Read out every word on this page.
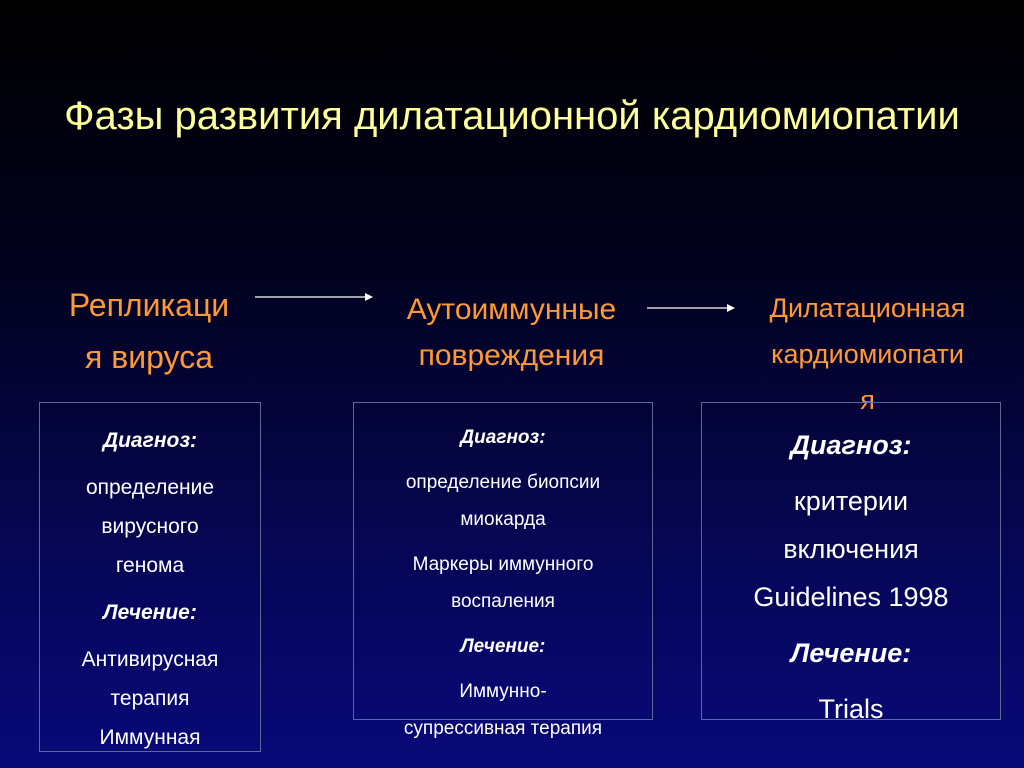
Фазы развития дилатационной кардиомиопатии
Репликаци
я вируса
Аутоиммунные
повреждения
Дилатационная
кардиомиопати
я
Диагноз:
определение
вирусного
генома
Лечение:
Антивирусная
терапия
Иммунная
Диагноз:
определение биопсии
миокарда
Маркеры иммунного
воспаления
Лечение:
Иммунно-
супрессивная терапия
Диагноз:
критерии
включения
Guidelines 1998
Лечение:
Trials
